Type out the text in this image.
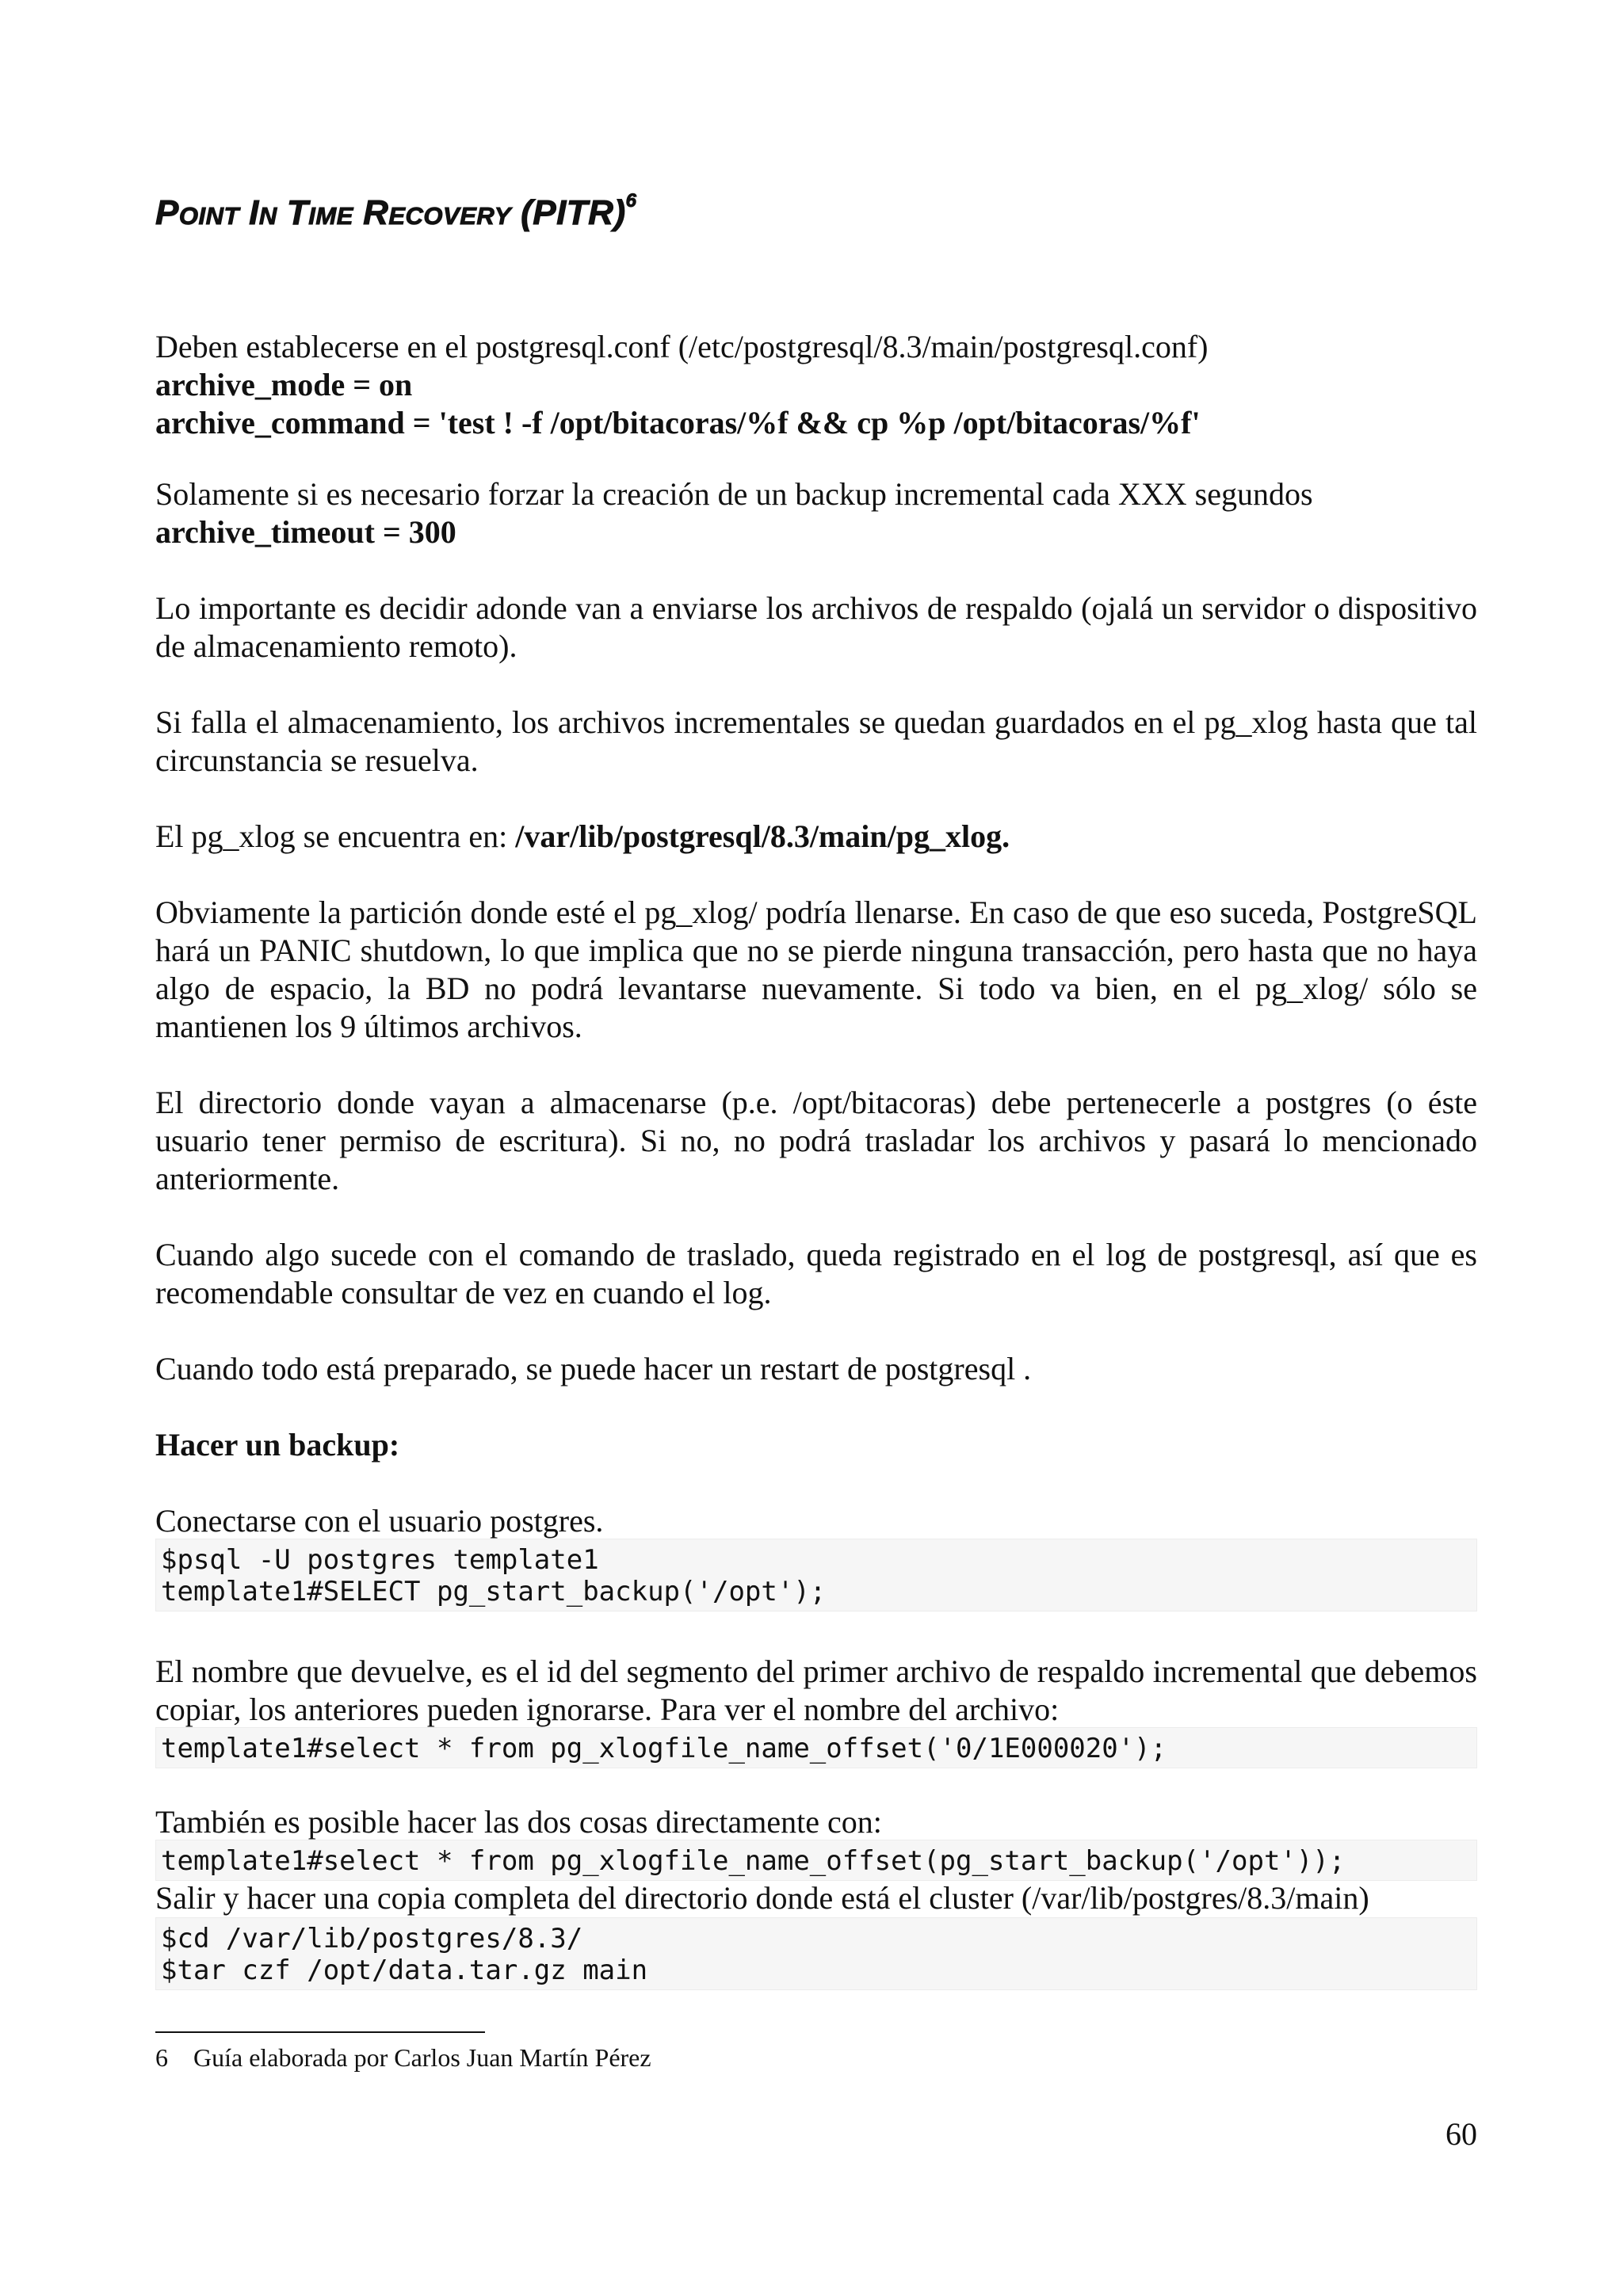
POINT IN TIME RECOVERY (PITR)$^6$

Deben establecerse en el postgresql.conf (/etc/postgresql/8.3/main/postgresql.conf)

archive_mode = on

archive_command = 'test ! -f /opt/bitacoras/%f && cp %p /opt/bitacoras/%f'

Solamente si es necesario forzar la creación de un backup incremental cada XXX segundos

archive_timeout = 300

Lo importante es decidir adonde van a enviarse los archivos de respaldo (ojalá un servidor o dispositivo de almacenamiento remoto).

Si falla el almacenamiento, los archivos incrementales se quedan guardados en el pg_xlog hasta que tal circunstancia se resuelva.

El pg_xlog se encuentra en: /var/lib/postgresql/8.3/main/pg_xlog.

Obviamente la partición donde esté el pg_xlog/ podría llenarse. En caso de que eso suceda, PostgreSQL hará un PANIC shutdown, lo que implica que no se pierde ninguna transacción, pero hasta que no haya algo de espacio, la BD no podrá levantarse nuevamente. Si todo va bien, en el pg_xlog/ sólo se mantienen los 9 últimos archivos.

El directorio donde vayan a almacenarse (p.e. /opt/bitacoras) debe pertenecerle a postgres (o éste usuario tener permiso de escritura). Si no, no podrá trasladar los archivos y pasará lo mencionado anteriormente.

Cuando algo sucede con el comando de traslado, queda registrado en el log de postgresql, así que es recomendable consultar de vez en cuando el log.

Cuando todo está preparado, se puede hacer un restart de postgresql .

Hacer un backup:

Conectarse con el usuario postgres.

$psql -U postgres template1
template1#SELECT pg_start_backup('/opt');

El nombre que devuelve, es el id del segmento del primer archivo de respaldo incremental que debemos copiar, los anteriores pueden ignorarse. Para ver el nombre del archivo:

template1#select * from pg_xlogfile_name_offset('0/1E000020');

También es posible hacer las dos cosas directamente con:

template1#select * from pg_xlogfile_name_offset(pg_start_backup('/opt'));

Salir y hacer una copia completa del directorio donde está el cluster (/var/lib/postgres/8.3/main)

$cd /var/lib/postgres/8.3/
$tar czf /opt/data.tar.gz main
6 Guía elaborada por Carlos Juan Martín Pérez
60
